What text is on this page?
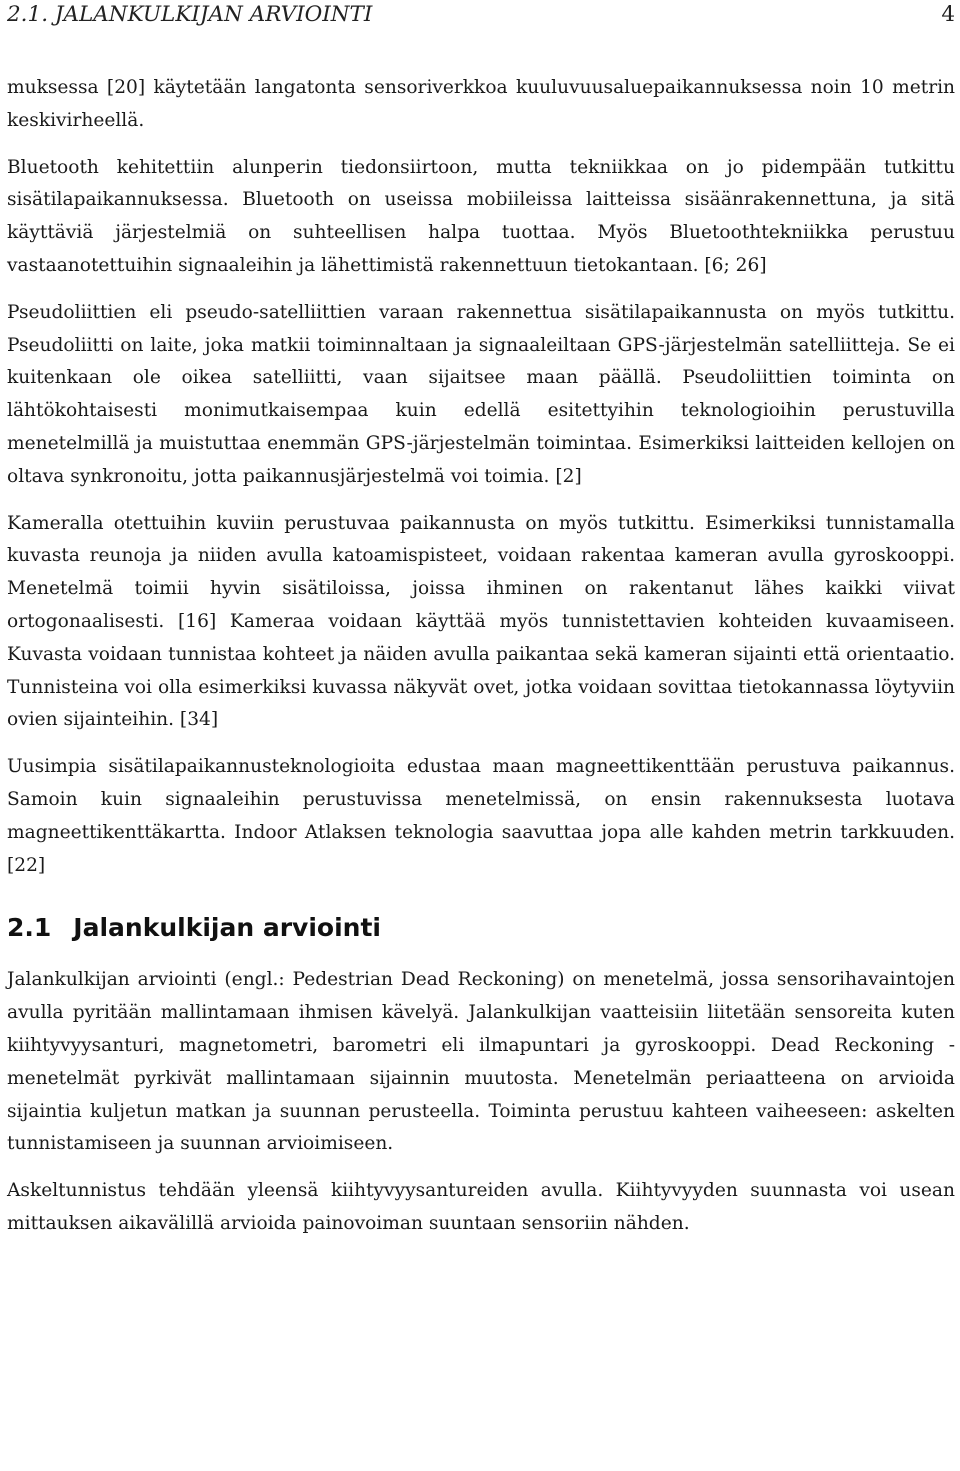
2.1. JALANKULKIJAN ARVIOINTI	4

muksessa [20] käytetään langatonta sensoriverkkoa kuuluvuusaluepaikannuksessa noin 10 metrin keskivirheellä.

Bluetooth kehitettiin alunperin tiedonsiirtoon, mutta tekniikkaa on jo pidempään tutkittu sisätilapaikannuksessa. Bluetooth on useissa mobiileissa laitteissa sisäänrakennettuna, ja sitä käyttäviä järjestelmiä on suhteellisen halpa tuottaa. Myös Bluetoothtekniikka perustuu vastaanotettuihin signaaleihin ja lähettimistä rakennettuun tietokantaan. [6; 26]

Pseudoliittien eli pseudo-satelliittien varaan rakennettua sisätilapaikannusta on myös tutkittu. Pseudoliitti on laite, joka matkii toiminnaltaan ja signaaleiltaan GPS-järjestelmän satelliitteja. Se ei kuitenkaan ole oikea satelliitti, vaan sijaitsee maan päällä. Pseudoliittien toiminta on lähtökohtaisesti monimutkaisempaa kuin edellä esitettyihin teknologioihin perustuvilla menetelmillä ja muistuttaa enemmän GPS-järjestelmän toimintaa. Esimerkiksi laitteiden kellojen on oltava synkronoitu, jotta paikannusjärjestelmä voi toimia. [2]

Kameralla otettuihin kuviin perustuvaa paikannusta on myös tutkittu. Esimerkiksi tunnistamalla kuvasta reunoja ja niiden avulla katoamispisteet, voidaan rakentaa kameran avulla gyroskooppi. Menetelmä toimii hyvin sisätiloissa, joissa ihminen on rakentanut lähes kaikki viivat ortogonaalisesti. [16] Kameraa voidaan käyttää myös tunnistettavien kohteiden kuvaamiseen. Kuvasta voidaan tunnistaa kohteet ja näiden avulla paikantaa sekä kameran sijainti että orientaatio. Tunnisteina voi olla esimerkiksi kuvassa näkyvät ovet, jotka voidaan sovittaa tietokannassa löytyviin ovien sijainteihin. [34]

Uusimpia sisätilapaikannusteknologioita edustaa maan magneettikenttään perustuva paikannus. Samoin kuin signaaleihin perustuvissa menetelmissä, on ensin rakennuksesta luotava magneettikenttäkartta. Indoor Atlaksen teknologia saavuttaa jopa alle kahden metrin tarkkuuden. [22]

2.1 Jalankulkijan arviointi

Jalankulkijan arviointi (engl.: Pedestrian Dead Reckoning) on menetelmä, jossa sensorihavaintojen avulla pyritään mallintamaan ihmisen kävelyä. Jalankulkijan vaatteisiin liitetään sensoreita kuten kiihtyvyysanturi, magnetometri, barometri eli ilmapuntari ja gyroskooppi. Dead Reckoning -menetelmät pyrkivät mallintamaan sijainnin muutosta. Menetelmän periaatteena on arvioida sijaintia kuljetun matkan ja suunnan perusteella. Toiminta perustuu kahteen vaiheeseen: askelten tunnistamiseen ja suunnan arvioimiseen.

Askeltunnistus tehdään yleensä kiihtyvyysantureiden avulla. Kiihtyvyyden suunnasta voi usean mittauksen aikavälillä arvioida painovoiman suuntaan sensoriin nähden.
